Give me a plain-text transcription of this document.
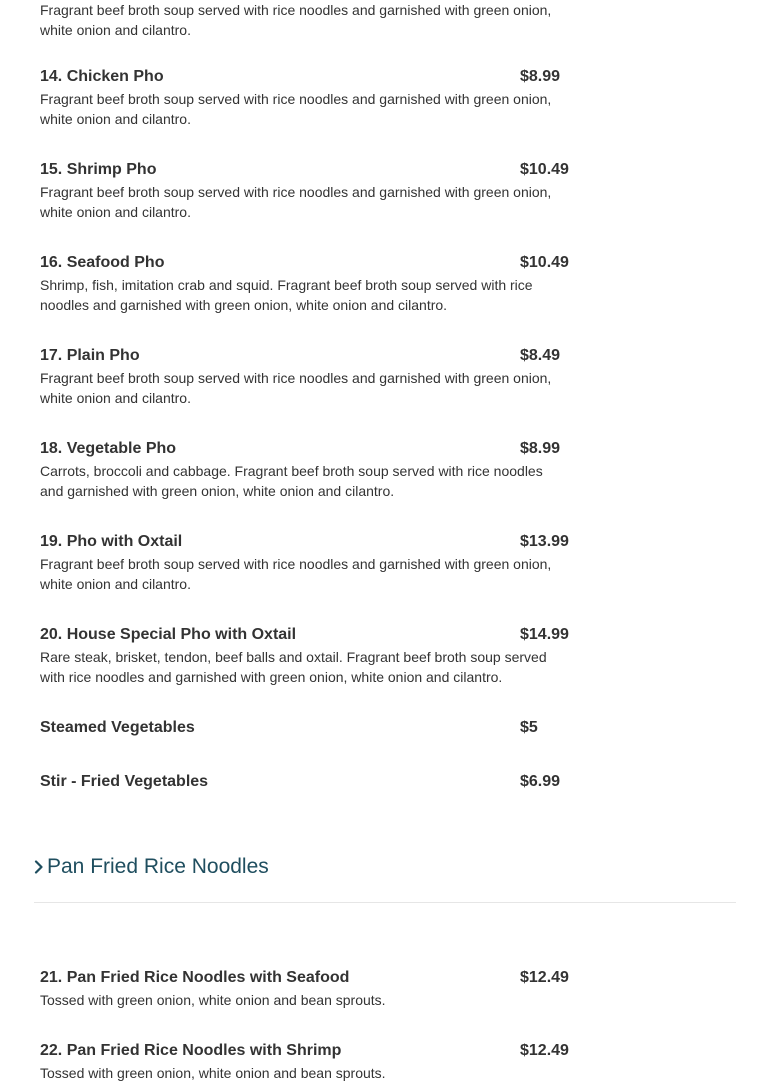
Fragrant beef broth soup served with rice noodles and garnished with green onion, white onion and cilantro.
14. Chicken Pho	$8.99
Fragrant beef broth soup served with rice noodles and garnished with green onion, white onion and cilantro.
15. Shrimp Pho	$10.49
Fragrant beef broth soup served with rice noodles and garnished with green onion, white onion and cilantro.
16. Seafood Pho	$10.49
Shrimp, fish, imitation crab and squid. Fragrant beef broth soup served with rice noodles and garnished with green onion, white onion and cilantro.
17. Plain Pho	$8.49
Fragrant beef broth soup served with rice noodles and garnished with green onion, white onion and cilantro.
18. Vegetable Pho	$8.99
Carrots, broccoli and cabbage. Fragrant beef broth soup served with rice noodles and garnished with green onion, white onion and cilantro.
19. Pho with Oxtail	$13.99
Fragrant beef broth soup served with rice noodles and garnished with green onion, white onion and cilantro.
20. House Special Pho with Oxtail	$14.99
Rare steak, brisket, tendon, beef balls and oxtail. Fragrant beef broth soup served with rice noodles and garnished with green onion, white onion and cilantro.
Steamed Vegetables	$5
Stir - Fried Vegetables	$6.99
Pan Fried Rice Noodles
21. Pan Fried Rice Noodles with Seafood	$12.49
Tossed with green onion, white onion and bean sprouts.
22. Pan Fried Rice Noodles with Shrimp	$12.49
Tossed with green onion, white onion and bean sprouts.
